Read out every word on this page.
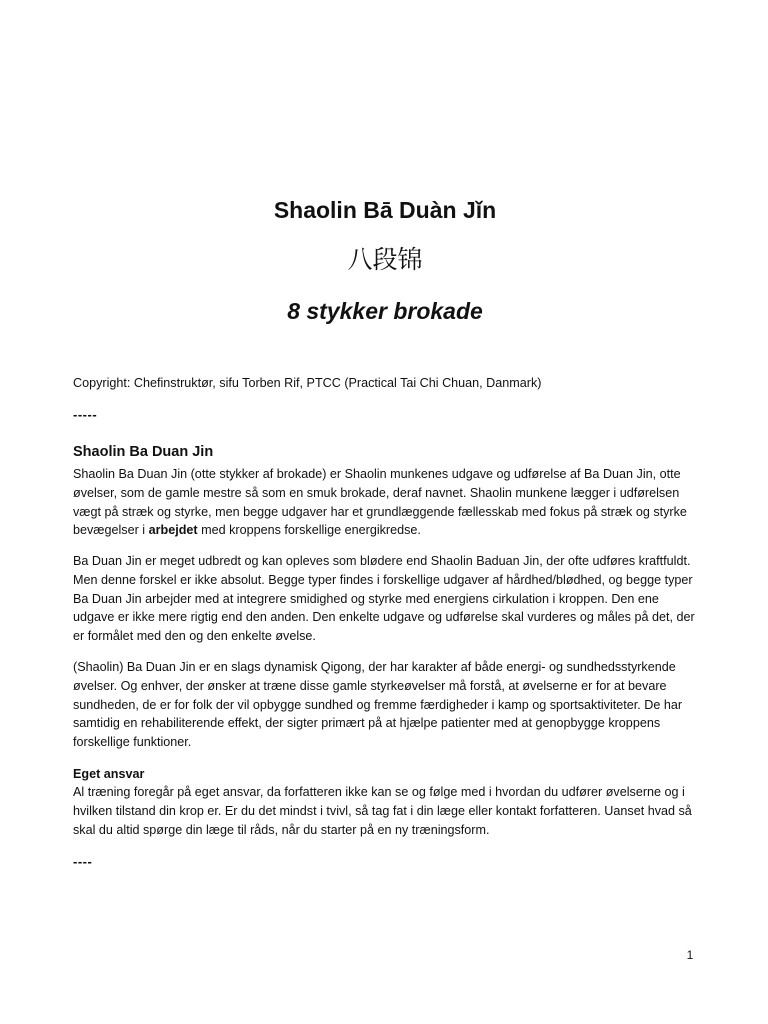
Shaolin Bā Duàn Jǐn
八段锦
8 stykker brokade

Copyright: Chefinstruktør, sifu Torben Rif, PTCC (Practical Tai Chi Chuan, Danmark)

-----

Shaolin Ba Duan Jin

Shaolin Ba Duan Jin (otte stykker af brokade) er Shaolin munkenes udgave og udførelse af Ba Duan Jin, otte øvelser, som de gamle mestre så som en smuk brokade, deraf navnet. Shaolin munkene lægger i udførelsen vægt på stræk og styrke, men begge udgaver har et grundlæggende fællesskab med fokus på stræk og styrke bevægelser i arbejdet med kroppens forskellige energikredse.

Ba Duan Jin er meget udbredt og kan opleves som blødere end Shaolin Baduan Jin, der ofte udføres kraftfuldt. Men denne forskel er ikke absolut. Begge typer findes i forskellige udgaver af hårdhed/blødhed, og begge typer Ba Duan Jin arbejder med at integrere smidighed og styrke med energiens cirkulation i kroppen. Den ene udgave er ikke mere rigtig end den anden. Den enkelte udgave og udførelse skal vurderes og måles på det, der er formålet med den og den enkelte øvelse.

(Shaolin) Ba Duan Jin er en slags dynamisk Qigong, der har karakter af både energi- og sundhedsstyrkende øvelser. Og enhver, der ønsker at træne disse gamle styrkeøvelser må forstå, at øvelserne er for at bevare sundheden, de er for folk der vil opbygge sundhed og fremme færdigheder i kamp og sportsaktiviteter. De har samtidig en rehabiliterende effekt, der sigter primært på at hjælpe patienter med at genopbygge kroppens forskellige funktioner.

Eget ansvar

Al træning foregår på eget ansvar, da forfatteren ikke kan se og følge med i hvordan du udfører øvelserne og i hvilken tilstand din krop er. Er du det mindst i tvivl, så tag fat i din læge eller kontakt forfatteren. Uanset hvad så skal du altid spørge din læge til råds, når du starter på en ny træningsform.

----

1
